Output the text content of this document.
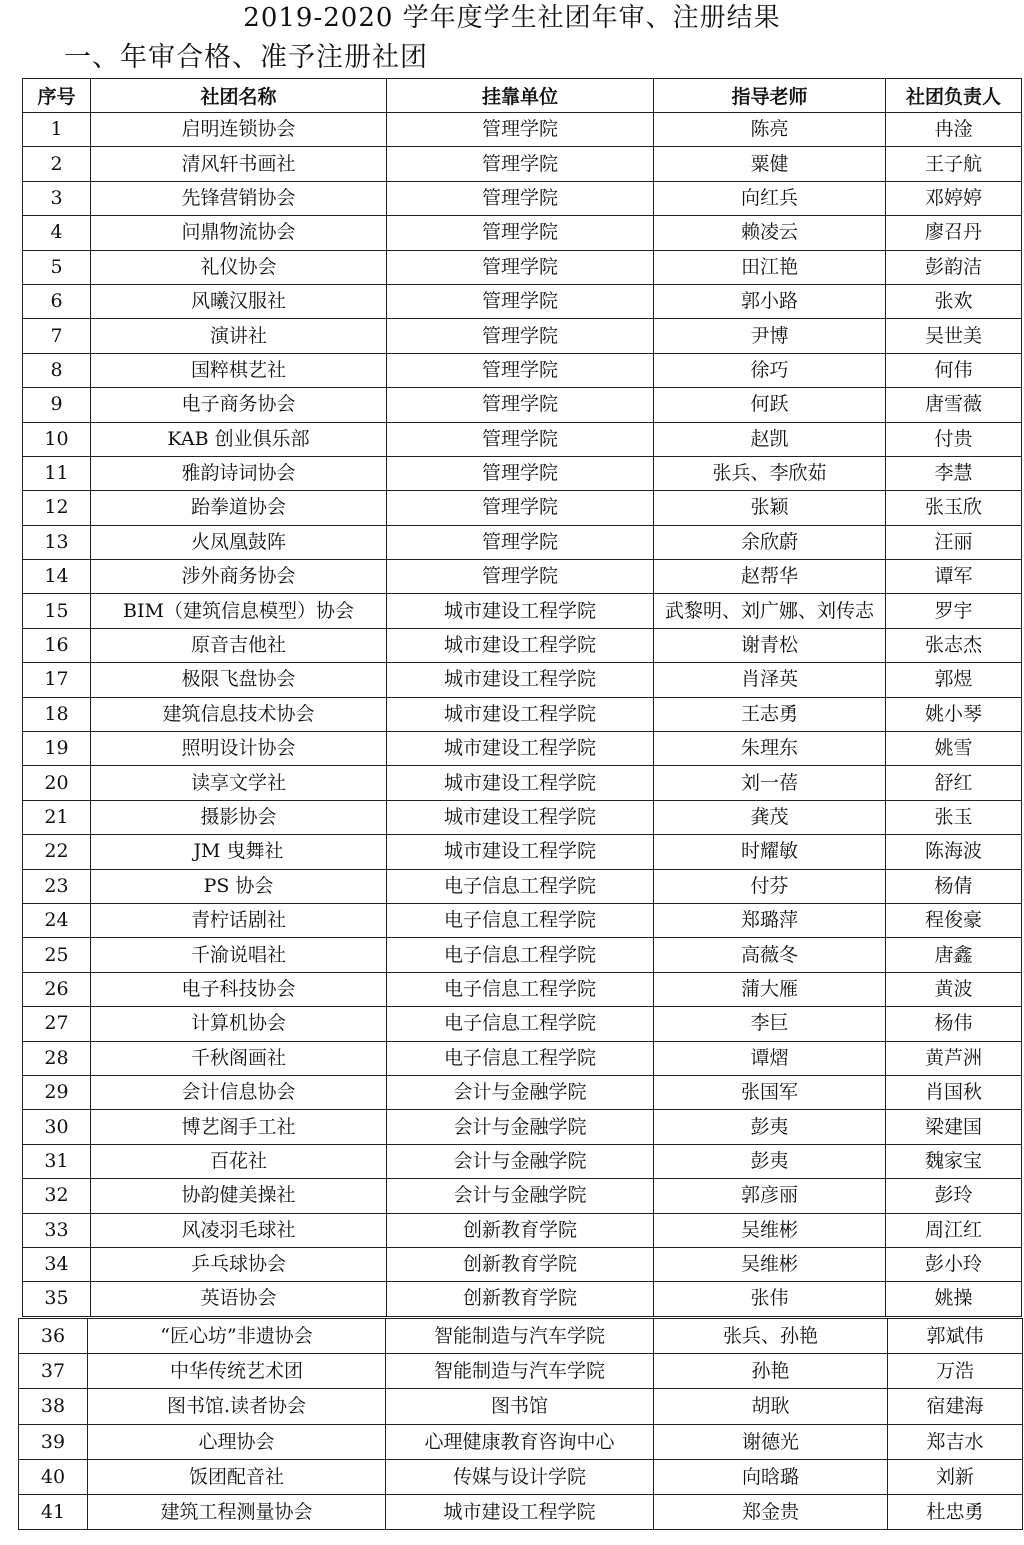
2019-2020 学年度学生社团年审、注册结果
一、年审合格、准予注册社团
序号	社团名称	挂靠单位	指导老师	社团负责人
1	启明连锁协会	管理学院	陈亮	冉淦
2	清风轩书画社	管理学院	粟健	王子航
3	先锋营销协会	管理学院	向红兵	邓婷婷
4	问鼎物流协会	管理学院	赖凌云	廖召丹
5	礼仪协会	管理学院	田江艳	彭韵洁
6	风曦汉服社	管理学院	郭小路	张欢
7	演讲社	管理学院	尹博	吴世美
8	国粹棋艺社	管理学院	徐巧	何伟
9	电子商务协会	管理学院	何跃	唐雪薇
10	KAB 创业俱乐部	管理学院	赵凯	付贵
11	雅韵诗词协会	管理学院	张兵、李欣茹	李慧
12	跆拳道协会	管理学院	张颖	张玉欣
13	火凤凰鼓阵	管理学院	余欣蔚	汪丽
14	涉外商务协会	管理学院	赵帮华	谭军
15	BIM（建筑信息模型）协会	城市建设工程学院	武黎明、刘广娜、刘传志	罗宇
16	原音吉他社	城市建设工程学院	谢青松	张志杰
17	极限飞盘协会	城市建设工程学院	肖泽英	郭煜
18	建筑信息技术协会	城市建设工程学院	王志勇	姚小琴
19	照明设计协会	城市建设工程学院	朱理东	姚雪
20	读享文学社	城市建设工程学院	刘一蓓	舒红
21	摄影协会	城市建设工程学院	龚茂	张玉
22	JM 曳舞社	城市建设工程学院	时耀敏	陈海波
23	PS 协会	电子信息工程学院	付芬	杨倩
24	青柠话剧社	电子信息工程学院	郑璐萍	程俊豪
25	千渝说唱社	电子信息工程学院	高薇冬	唐鑫
26	电子科技协会	电子信息工程学院	蒲大雁	黄波
27	计算机协会	电子信息工程学院	李巨	杨伟
28	千秋阁画社	电子信息工程学院	谭熠	黄芦洲
29	会计信息协会	会计与金融学院	张国军	肖国秋
30	博艺阁手工社	会计与金融学院	彭夷	梁建国
31	百花社	会计与金融学院	彭夷	魏家宝
32	协韵健美操社	会计与金融学院	郭彦丽	彭玲
33	风凌羽毛球社	创新教育学院	吴维彬	周江红
34	乒乓球协会	创新教育学院	吴维彬	彭小玲
35	英语协会	创新教育学院	张伟	姚操
36	“匠心坊”非遗协会	智能制造与汽车学院	张兵、孙艳	郭斌伟
37	中华传统艺术团	智能制造与汽车学院	孙艳	万浩
38	图书馆.读者协会	图书馆	胡耿	宿建海
39	心理协会	心理健康教育咨询中心	谢德光	郑吉水
40	饭团配音社	传媒与设计学院	向晗璐	刘新
41	建筑工程测量协会	城市建设工程学院	郑金贵	杜忠勇
